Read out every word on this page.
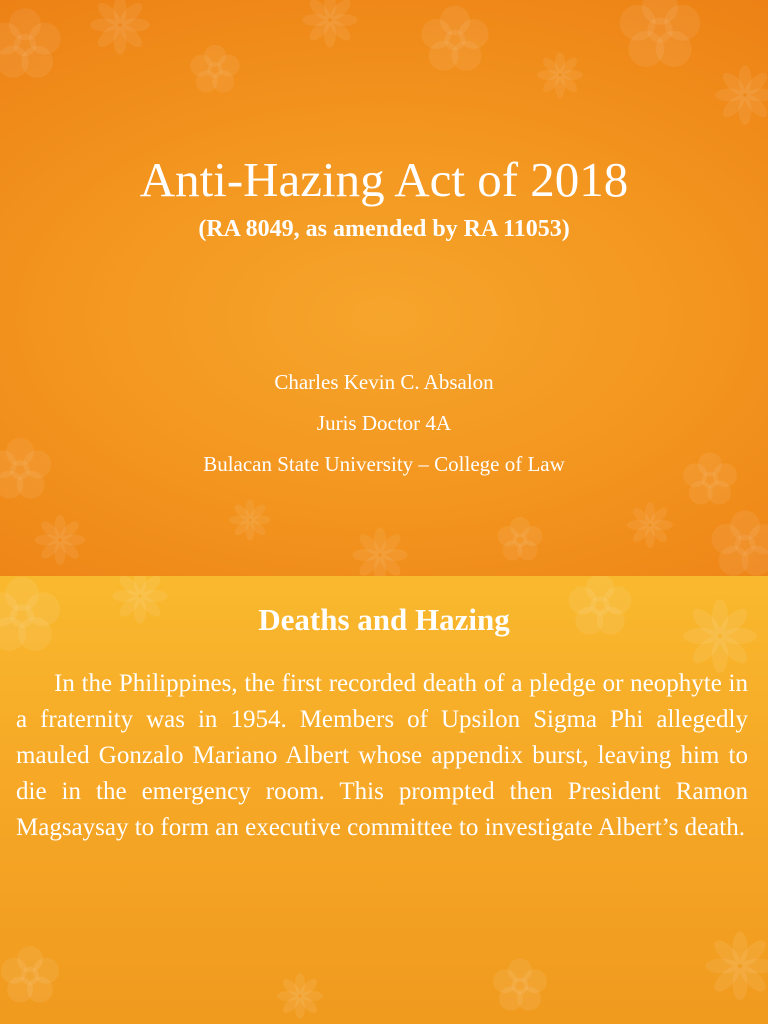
Anti-Hazing Act of 2018
(RA 8049, as amended by RA 11053)
Charles Kevin C. Absalon
Juris Doctor 4A
Bulacan State University – College of Law
Deaths and Hazing

In the Philippines, the first recorded death of a pledge or neophyte in a fraternity was in 1954. Members of Upsilon Sigma Phi allegedly mauled Gonzalo Mariano Albert whose appendix burst, leaving him to die in the emergency room. This prompted then President Ramon Magsaysay to form an executive committee to investigate Albert’s death.
